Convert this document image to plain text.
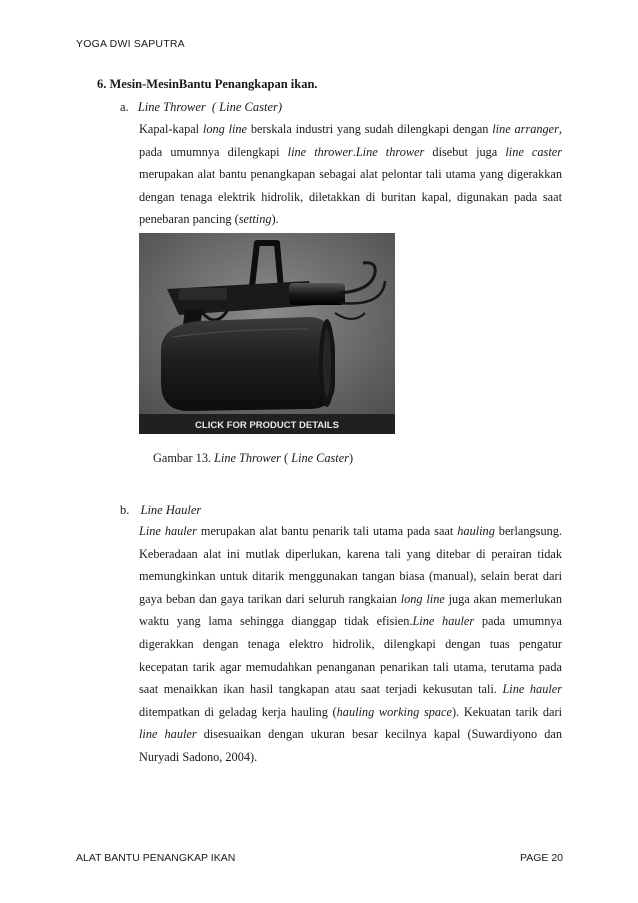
YOGA DWI SAPUTRA
6. Mesin-MesinBantu Penangkapan ikan.
a. Line Thrower ( Line Caster)
Kapal-kapal long line berskala industri yang sudah dilengkapi dengan line arranger, pada umumnya dilengkapi line thrower.Line thrower disebut juga line caster merupakan alat bantu penangkapan sebagai alat pelontar tali utama yang digerakkan dengan tenaga elektrik hidrolik, diletakkan di buritan kapal, digunakan pada saat penebaran pancing (setting).
CLICK FOR PRODUCT DETAILS
Gambar 13. Line Thrower ( Line Caster)
b. Line Hauler
Line hauler merupakan alat bantu penarik tali utama pada saat hauling berlangsung. Keberadaan alat ini mutlak diperlukan, karena tali yang ditebar di perairan tidak memungkinkan untuk ditarik menggunakan tangan biasa (manual), selain berat dari gaya beban dan gaya tarikan dari seluruh rangkaian long line juga akan memerlukan waktu yang lama sehingga dianggap tidak efisien.Line hauler pada umumnya digerakkan dengan tenaga elektro hidrolik, dilengkapi dengan tuas pengatur kecepatan tarik agar memudahkan penanganan penarikan tali utama, terutama pada saat menaikkan ikan hasil tangkapan atau saat terjadi kekusutan tali. Line hauler ditempatkan di geladag kerja hauling (hauling working space). Kekuatan tarik dari line hauler disesuaikan dengan ukuran besar kecilnya kapal (Suwardiyono dan Nuryadi Sadono, 2004).
ALAT BANTU PENANGKAP IKAN	PAGE 20
